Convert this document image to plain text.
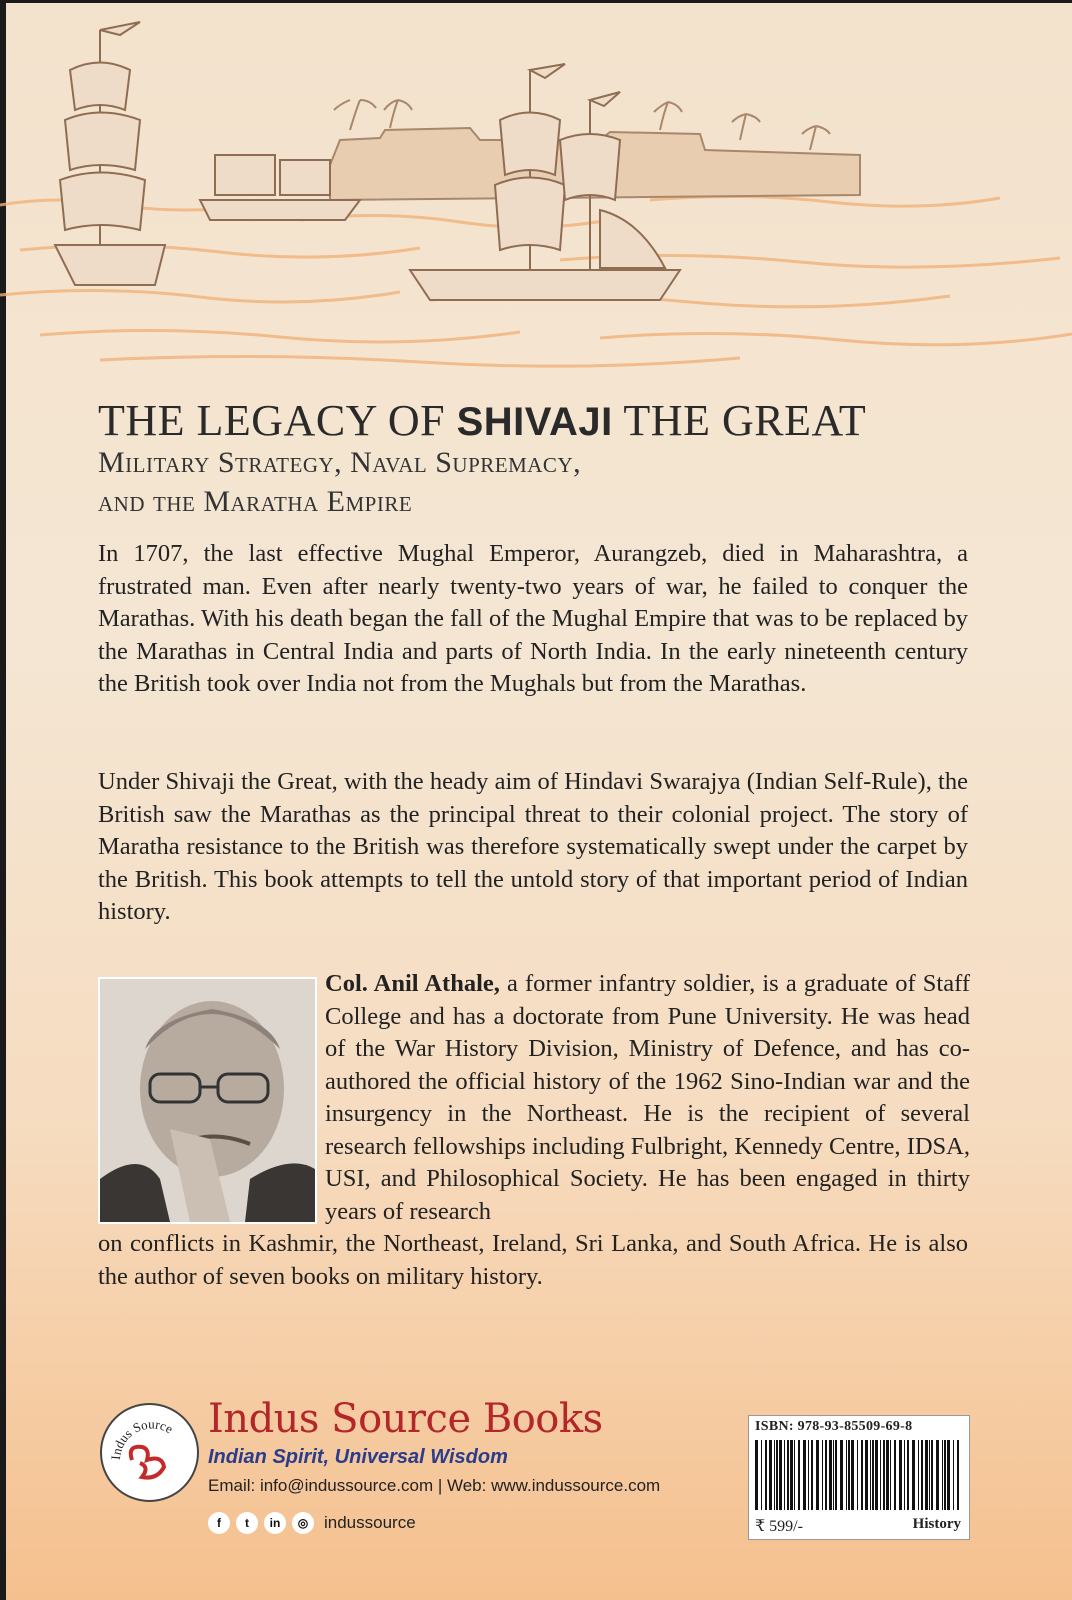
THE LEGACY OF SHIVAJI THE GREAT
Military Strategy, Naval Supremacy,
and the Maratha Empire
In 1707, the last effective Mughal Emperor, Aurangzeb, died in Maharashtra, a frustrated man. Even after nearly twenty-two years of war, he failed to conquer the Marathas. With his death began the fall of the Mughal Empire that was to be replaced by the Marathas in Central India and parts of North India. In the early nineteenth century the British took over India not from the Mughals but from the Marathas.
Under Shivaji the Great, with the heady aim of Hindavi Swarajya (Indian Self-Rule), the British saw the Marathas as the principal threat to their colonial project. The story of Maratha resistance to the British was therefore systematically swept under the carpet by the British. This book attempts to tell the untold story of that important period of Indian history.
Col. Anil Athale, a former infantry soldier, is a graduate of Staff College and has a doctorate from Pune University. He was head of the War History Division, Ministry of Defence, and has co-authored the official history of the 1962 Sino-Indian war and the insurgency in the Northeast. He is the recipient of several research fellowships including Fulbright, Kennedy Centre, IDSA, USI, and Philosophical Society. He has been engaged in thirty years of research
on conflicts in Kashmir, the Northeast, Ireland, Sri Lanka, and South Africa. He is also the author of seven books on military history.
Indus Source Indus Source Books
Indian Spirit, Universal Wisdom
Email: info@indussource.com | Web: www.indussource.com
f	t	in	◎ indussource
ISBN: 978-93-85509-69-8
₹ 599/-	History
